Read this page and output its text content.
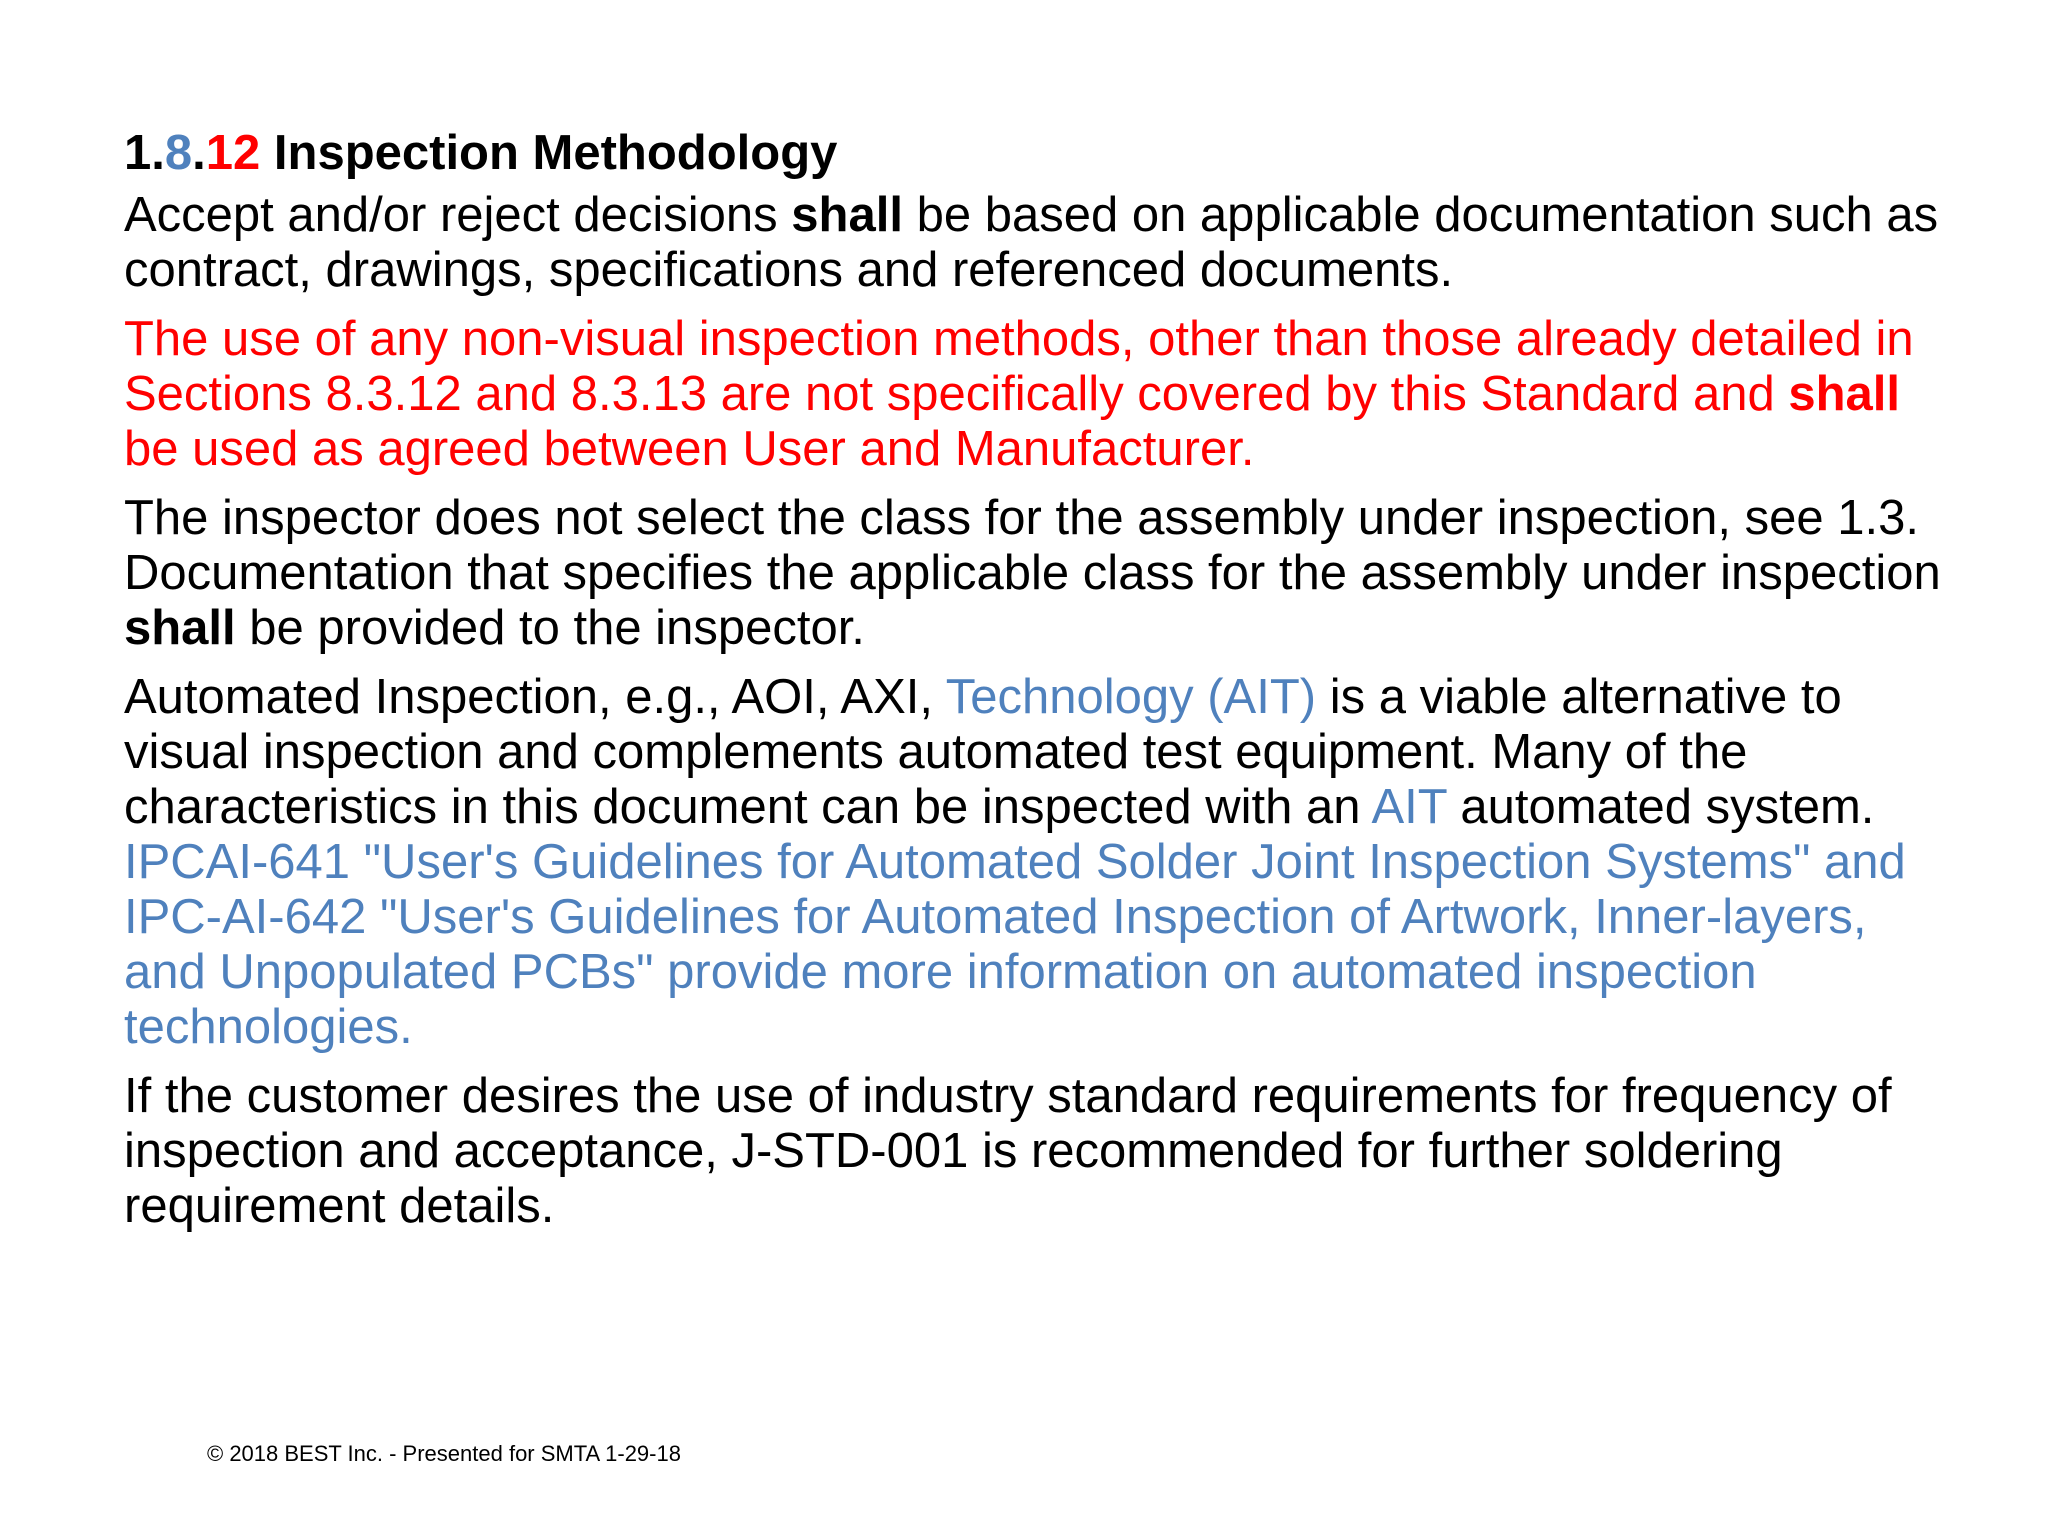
1.8.12 Inspection Methodology

Accept and/or reject decisions shall be based on applicable documentation such as contract, drawings, specifications and referenced documents.

The use of any non-visual inspection methods, other than those already detailed in Sections 8.3.12 and 8.3.13 are not specifically covered by this Standard and shall be used as agreed between User and Manufacturer.

The inspector does not select the class for the assembly under inspection, see 1.3. Documentation that specifies the applicable class for the assembly under inspection shall be provided to the inspector.

Automated Inspection, e.g., AOI, AXI, Technology (AIT) is a viable alternative to visual inspection and complements automated test equipment. Many of the characteristics in this document can be inspected with an AIT automated system. IPCAI-641 "User's Guidelines for Automated Solder Joint Inspection Systems" and IPC-AI-642 "User's Guidelines for Automated Inspection of Artwork, Inner-layers, and Unpopulated PCBs" provide more information on automated inspection technologies.

If the customer desires the use of industry standard requirements for frequency of inspection and acceptance, J-STD-001 is recommended for further soldering requirement details.

© 2018 BEST Inc. - Presented for SMTA 1-29-18
